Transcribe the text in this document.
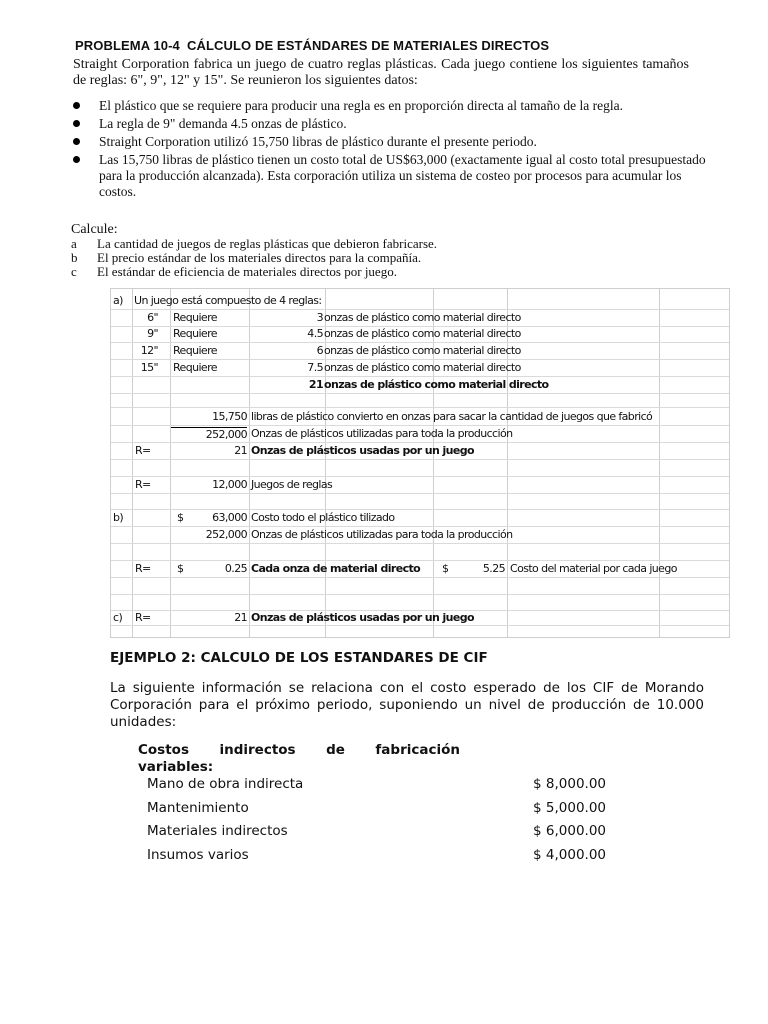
PROBLEMA 10-4 CÁLCULO DE ESTÁNDARES DE MATERIALES DIRECTOS
Straight Corporation fabrica un juego de cuatro reglas plásticas. Cada juego contiene los siguientes tamaños de reglas: 6", 9", 12" y 15". Se reunieron los siguientes datos:
El plástico que se requiere para producir una regla es en proporción directa al tamaño de la regla.
La regla de 9" demanda 4.5 onzas de plástico.
Straight Corporation utilizó 15,750 libras de plástico durante el presente periodo.
Las 15,750 libras de plástico tienen un costo total de US$63,000 (exactamente igual al costo total presupuestado para la producción alcanzada). Esta corporación utiliza un sistema de costeo por procesos para acumular los costos.
Calcule:
a	La cantidad de juegos de reglas plásticas que debieron fabricarse.
b	El precio estándar de los materiales directos para la compañía.
c	El estándar de eficiencia de materiales directos por juego.
a) Un juego está compuesto de 4 reglas:
6" Requiere	3 onzas de plástico como material directo
9" Requiere	4.5 onzas de plástico como material directo
12" Requiere	6 onzas de plástico como material directo
15" Requiere	7.5 onzas de plástico como material directo
21 onzas de plástico como material directo
15,750 libras de plástico convierto en onzas para sacar la cantidad de juegos que fabricó
252,000 Onzas de plásticos utilizadas para toda la producción
R=	21 Onzas de plásticos usadas por un juego
R=	12,000 Juegos de reglas
b)	$	63,000 Costo todo el plástico tilizado
252,000 Onzas de plásticos utilizadas para toda la producción
R= $	0.25 Cada onza de material directo $	5.25 Costo del material por cada juego
c) R=	21 Onzas de plásticos usadas por un juego
EJEMPLO 2: CALCULO DE LOS ESTANDARES DE CIF
La siguiente información se relaciona con el costo esperado de los CIF de Morando Corporación para el próximo periodo, suponiendo un nivel de producción de 10.000 unidades:
Costos indirectos de fabricación
variables:
Mano de obra indirecta	$ 8,000.00
Mantenimiento	$ 5,000.00
Materiales indirectos	$ 6,000.00
Insumos varios	$ 4,000.00
